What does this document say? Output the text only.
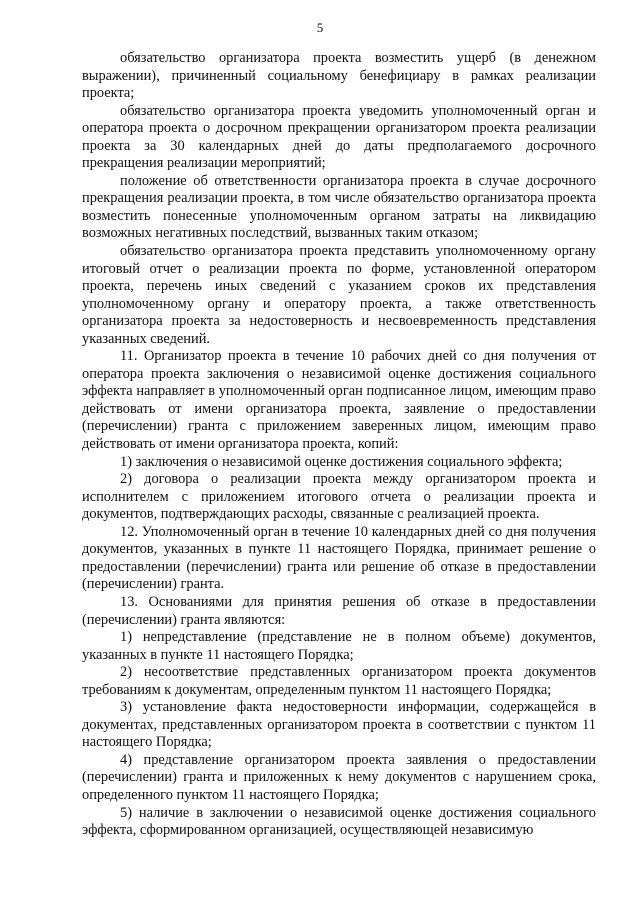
5

обязательство организатора проекта возместить ущерб (в денежном выражении), причиненный социальному бенефициару в рамках реализации проекта;

обязательство организатора проекта уведомить уполномоченный орган и оператора проекта о досрочном прекращении организатором проекта реализации проекта за 30 календарных дней до даты предполагаемого досрочного прекращения реализации мероприятий;

положение об ответственности организатора проекта в случае досрочного прекращения реализации проекта, в том числе обязательство организатора проекта возместить понесенные уполномоченным органом затраты на ликвидацию возможных негативных последствий, вызванных таким отказом;

обязательство организатора проекта представить уполномоченному органу итоговый отчет о реализации проекта по форме, установленной оператором проекта, перечень иных сведений с указанием сроков их представления уполномоченному органу и оператору проекта, а также ответственность организатора проекта за недостоверность и несвоевременность представления указанных сведений.

11. Организатор проекта в течение 10 рабочих дней со дня получения от оператора проекта заключения о независимой оценке достижения социального эффекта направляет в уполномоченный орган подписанное лицом, имеющим право действовать от имени организатора проекта, заявление о предоставлении (перечислении) гранта с приложением заверенных лицом, имеющим право действовать от имени организатора проекта, копий:

1) заключения о независимой оценке достижения социального эффекта;

2) договора о реализации проекта между организатором проекта и исполнителем с приложением итогового отчета о реализации проекта и документов, подтверждающих расходы, связанные с реализацией проекта.

12. Уполномоченный орган в течение 10 календарных дней со дня получения документов, указанных в пункте 11 настоящего Порядка, принимает решение о предоставлении (перечислении) гранта или решение об отказе в предоставлении (перечислении) гранта.

13. Основаниями для принятия решения об отказе в предоставлении (перечислении) гранта являются:

1) непредставление (представление не в полном объеме) документов, указанных в пункте 11 настоящего Порядка;

2) несоответствие представленных организатором проекта документов требованиям к документам, определенным пунктом 11 настоящего Порядка;

3) установление факта недостоверности информации, содержащейся в документах, представленных организатором проекта в соответствии с пунктом 11 настоящего Порядка;

4) представление организатором проекта заявления о предоставлении (перечислении) гранта и приложенных к нему документов с нарушением срока, определенного пунктом 11 настоящего Порядка;

5) наличие в заключении о независимой оценке достижения социального эффекта, сформированном организацией, осуществляющей независимую
